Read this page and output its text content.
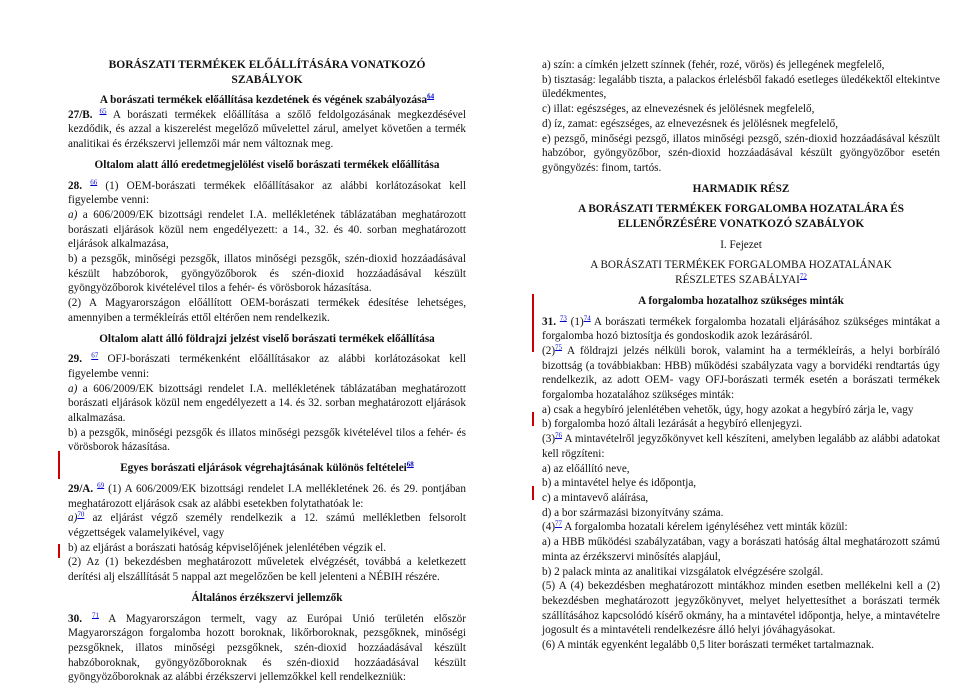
BORÁSZATI TERMÉKEK ELŐÁLLÍTÁSÁRA VONATKOZÓ
SZABÁLYOK
A borászati termékek előállítása kezdetének és végének szabályozása$^{64}$

27/B. $^{65}$ A borászati termékek előállítása a szőlő feldolgozásának megkezdésével kezdődik, és azzal a kiszerelést megelőző művelettel zárul, amelyet követően a termék analitikai és érzékszervi jellemzői már nem változnak meg.

Oltalom alatt álló eredetmegjelölést viselő borászati termékek előállítása

28. $^{66}$ (1) OEM-borászati termékek előállításakor az alábbi korlátozásokat kell figyelembe venni:

a) a 606/2009/EK bizottsági rendelet I.A. mellékletének táblázatában meghatározott borászati eljárások közül nem engedélyezett: a 14., 32. és 40. sorban meghatározott eljárások alkalmazása,

b) a pezsgők, minőségi pezsgők, illatos minőségi pezsgők, szén-dioxid hozzáadásával készült habzóborok, gyöngyözőborok és szén-dioxid hozzáadásával készült gyöngyözőborok kivételével tilos a fehér- és vörösborok házasítása.

(2) A Magyarországon előállított OEM-borászati termékek édesítése lehetséges, amennyiben a termékleírás ettől eltérően nem rendelkezik.

Oltalom alatt álló földrajzi jelzést viselő borászati termékek előállítása

29. $^{67}$ OFJ-borászati termékenként előállításakor az alábbi korlátozásokat kell figyelembe venni:

a) a 606/2009/EK bizottsági rendelet I.A. mellékletének táblázatában meghatározott borászati eljárások közül nem engedélyezett a 14. és 32. sorban meghatározott eljárások alkalmazása.

b) a pezsgők, minőségi pezsgők és illatos minőségi pezsgők kivételével tilos a fehér- és vörösborok házasítása.

Egyes borászati eljárások végrehajtásának különös feltételei$^{68}$

29/A. $^{69}$ (1) A 606/2009/EK bizottsági rendelet I.A mellékletének 26. és 29. pontjában meghatározott eljárások csak az alábbi esetekben folytathatóak le:

a)$^{70}$ az eljárást végző személy rendelkezik a 12. számú mellékletben felsorolt végzettségek valamelyikével, vagy

b) az eljárást a borászati hatóság képviselőjének jelenlétében végzik el.

(2) Az (1) bekezdésben meghatározott műveletek elvégzését, továbbá a keletkezett derítési alj elszállítását 5 nappal azt megelőzően be kell jelenteni a NÉBIH részére.

Általános érzékszervi jellemzők

30. $^{71}$ A Magyarországon termelt, vagy az Európai Unió területén először Magyarországon forgalomba hozott boroknak, likőrboroknak, pezsgőknek, minőségi pezsgőknek, illatos minőségi pezsgőknek, szén-dioxid hozzáadásával készült habzóboroknak, gyöngyözőboroknak és szén-dioxid hozzáadásával készült gyöngyözőboroknak az alábbi érzékszervi jellemzőkkel kell rendelkezniük:

a) szín: a címkén jelzett színnek (fehér, rozé, vörös) és jellegének megfelelő,

b) tisztaság: legalább tiszta, a palackos érlelésből fakadó esetleges üledékektől eltekintve üledékmentes,

c) illat: egészséges, az elnevezésnek és jelölésnek megfelelő,

d) íz, zamat: egészséges, az elnevezésnek és jelölésnek megfelelő,

e) pezsgő, minőségi pezsgő, illatos minőségi pezsgő, szén-dioxid hozzáadásával készült habzóbor, gyöngyözőbor, szén-dioxid hozzáadásával készült gyöngyözőbor esetén gyöngyözés: finom, tartós.

HARMADIK RÉSZ
A BORÁSZATI TERMÉKEK FORGALOMBA HOZATALÁRA ÉS
ELLENŐRZÉSÉRE VONATKOZÓ SZABÁLYOK
I. Fejezet
A BORÁSZATI TERMÉKEK FORGALOMBA HOZATALÁNAK
RÉSZLETES SZABÁLYAI$^{72}$
A forgalomba hozatalhoz szükséges minták

31. $^{73}$ (1)$^{74}$ A borászati termékek forgalomba hozatali eljárásához szükséges mintákat a forgalomba hozó biztosítja és gondoskodik azok lezárásáról.

(2)$^{75}$ A földrajzi jelzés nélküli borok, valamint ha a termékleírás, a helyi borbíráló bizottság (a továbbiakban: HBB) működési szabályzata vagy a borvidéki rendtartás úgy rendelkezik, az adott OEM- vagy OFJ-borászati termék esetén a borászati termékek forgalomba hozatalához szükséges minták:

a) csak a hegybíró jelenlétében vehetők, úgy, hogy azokat a hegybíró zárja le, vagy

b) forgalomba hozó általi lezárását a hegybíró ellenjegyzi.

(3)$^{76}$ A mintavételről jegyzőkönyvet kell készíteni, amelyben legalább az alábbi adatokat kell rögzíteni:

a) az előállító neve,

b) a mintavétel helye és időpontja,

c) a mintavevő aláírása,

d) a bor származási bizonyítvány száma.

(4)$^{77}$ A forgalomba hozatali kérelem igényléséhez vett minták közül:

a) a HBB működési szabályzatában, vagy a borászati hatóság által meghatározott számú minta az érzékszervi minősítés alapjául,

b) 2 palack minta az analitikai vizsgálatok elvégzésére szolgál.

(5) A (4) bekezdésben meghatározott mintákhoz minden esetben mellékelni kell a (2) bekezdésben meghatározott jegyzőkönyvet, melyet helyettesíthet a borászati termék szállításához kapcsolódó kísérő okmány, ha a mintavétel időpontja, helye, a mintavételre jogosult és a mintavételi rendelkezésre álló helyi jóváhagyásokat.

(6) A minták egyenként legalább 0,5 liter borászati terméket tartalmaznak.
